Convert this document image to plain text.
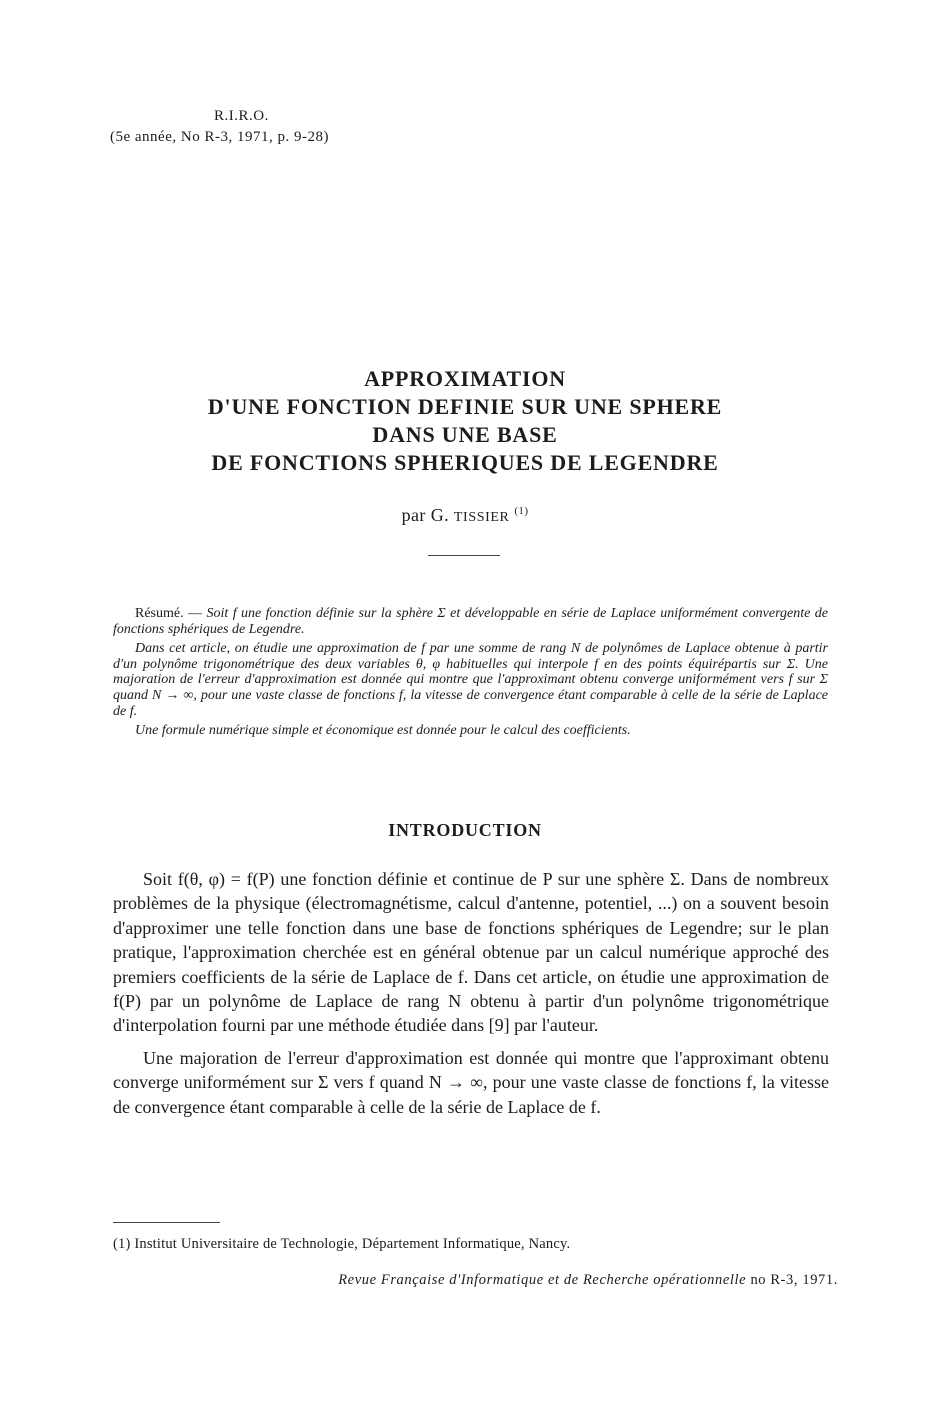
R.I.R.O.
(5e année, No R-3, 1971, p. 9-28)
APPROXIMATION
D'UNE FONCTION DEFINIE SUR UNE SPHERE
DANS UNE BASE
DE FONCTIONS SPHERIQUES DE LEGENDRE
par G. TISSIER $^{(1)}$

Résumé. — Soit f une fonction définie sur la sphère Σ et développable en série de Laplace uniformément convergente de fonctions sphériques de Legendre.

Dans cet article, on étudie une approximation de f par une somme de rang N de polynômes de Laplace obtenue à partir d'un polynôme trigonométrique des deux variables θ, φ habituelles qui interpole f en des points équirépartis sur Σ. Une majoration de l'erreur d'approximation est donnée qui montre que l'approximant obtenu converge uniformément vers f sur Σ quand N → ∞, pour une vaste classe de fonctions f, la vitesse de convergence étant comparable à celle de la série de Laplace de f.

Une formule numérique simple et économique est donnée pour le calcul des coefficients.

INTRODUCTION

Soit f(θ, φ) = f(P) une fonction définie et continue de P sur une sphère Σ. Dans de nombreux problèmes de la physique (électromagnétisme, calcul d'antenne, potentiel, ...) on a souvent besoin d'approximer une telle fonction dans une base de fonctions sphériques de Legendre; sur le plan pratique, l'approximation cherchée est en général obtenue par un calcul numérique approché des premiers coefficients de la série de Laplace de f. Dans cet article, on étudie une approximation de f(P) par un polynôme de Laplace de rang N obtenu à partir d'un polynôme trigonométrique d'interpolation fourni par une méthode étudiée dans [9] par l'auteur.

Une majoration de l'erreur d'approximation est donnée qui montre que l'approximant obtenu converge uniformément sur Σ vers f quand N → ∞, pour une vaste classe de fonctions f, la vitesse de convergence étant comparable à celle de la série de Laplace de f.

(1) Institut Universitaire de Technologie, Département Informatique, Nancy.
Revue Française d'Informatique et de Recherche opérationnelle no R-3, 1971.
